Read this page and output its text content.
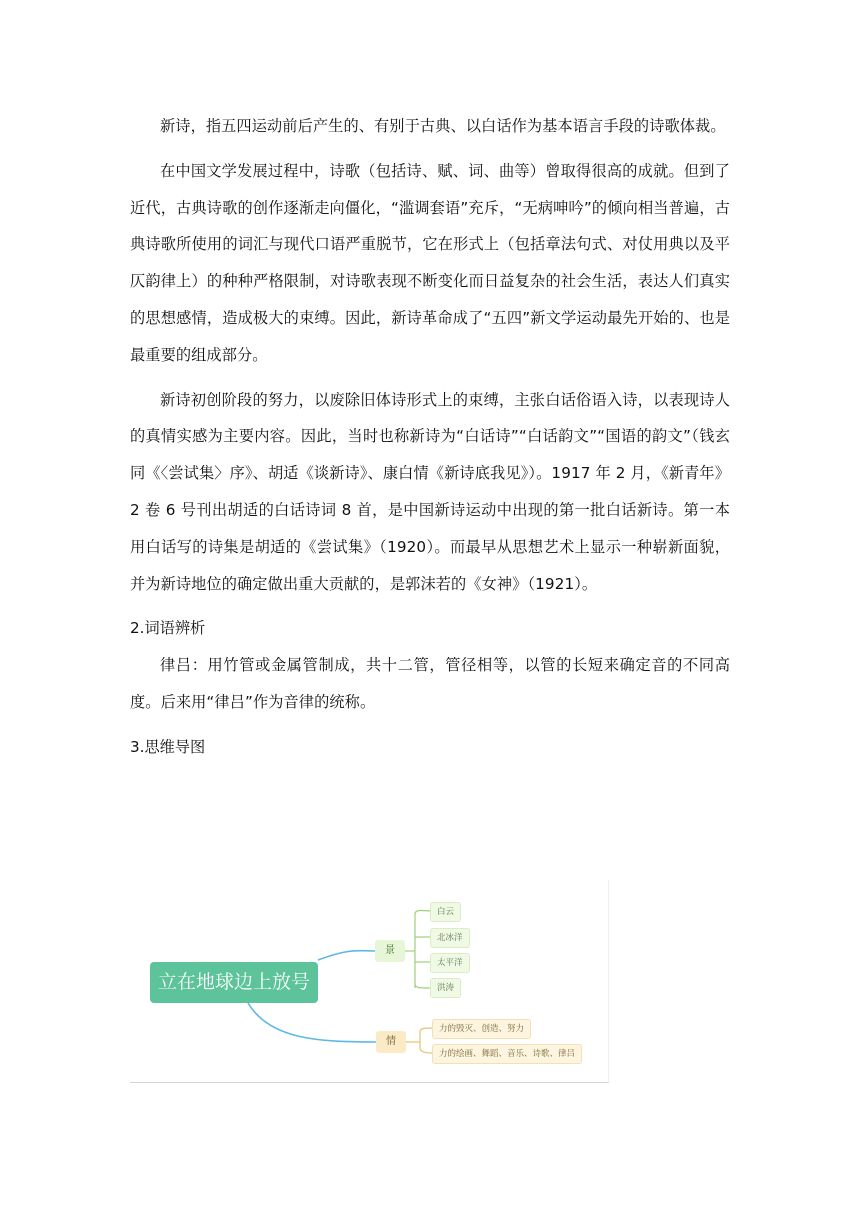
新诗，指五四运动前后产生的、有别于古典、以白话作为基本语言手段的诗歌体裁。

在中国文学发展过程中，诗歌（包括诗、赋、词、曲等）曾取得很高的成就。但到了近代，古典诗歌的创作逐渐走向僵化，“滥调套语”充斥，“无病呻吟”的倾向相当普遍，古典诗歌所使用的词汇与现代口语严重脱节，它在形式上（包括章法句式、对仗用典以及平仄韵律上）的种种严格限制，对诗歌表现不断变化而日益复杂的社会生活，表达人们真实的思想感情，造成极大的束缚。因此，新诗革命成了“五四”新文学运动最先开始的、也是最重要的组成部分。

新诗初创阶段的努力，以废除旧体诗形式上的束缚，主张白话俗语入诗，以表现诗人的真情实感为主要内容。因此，当时也称新诗为“白话诗”“白话韵文”“国语的韵文”（钱玄同《〈尝试集〉序》、胡适《谈新诗》、康白情《新诗底我见》）。1917 年 2 月，《新青年》2 卷 6 号刊出胡适的白话诗词 8 首，是中国新诗运动中出现的第一批白话新诗。第一本用白话写的诗集是胡适的《尝试集》（1920）。而最早从思想艺术上显示一种崭新面貌，并为新诗地位的确定做出重大贡献的，是郭沫若的《女神》（1921）。

2.词语辨析

律吕：用竹管或金属管制成，共十二管，管径相等，以管的长短来确定音的不同高度。后来用“律吕”作为音律的统称。

3.思维导图

立在地球边上放号
景
白云
北冰洋
太平洋
洪涛
情
力的毁灭、创造、努力
力的绘画、舞蹈、音乐、诗歌、律吕
